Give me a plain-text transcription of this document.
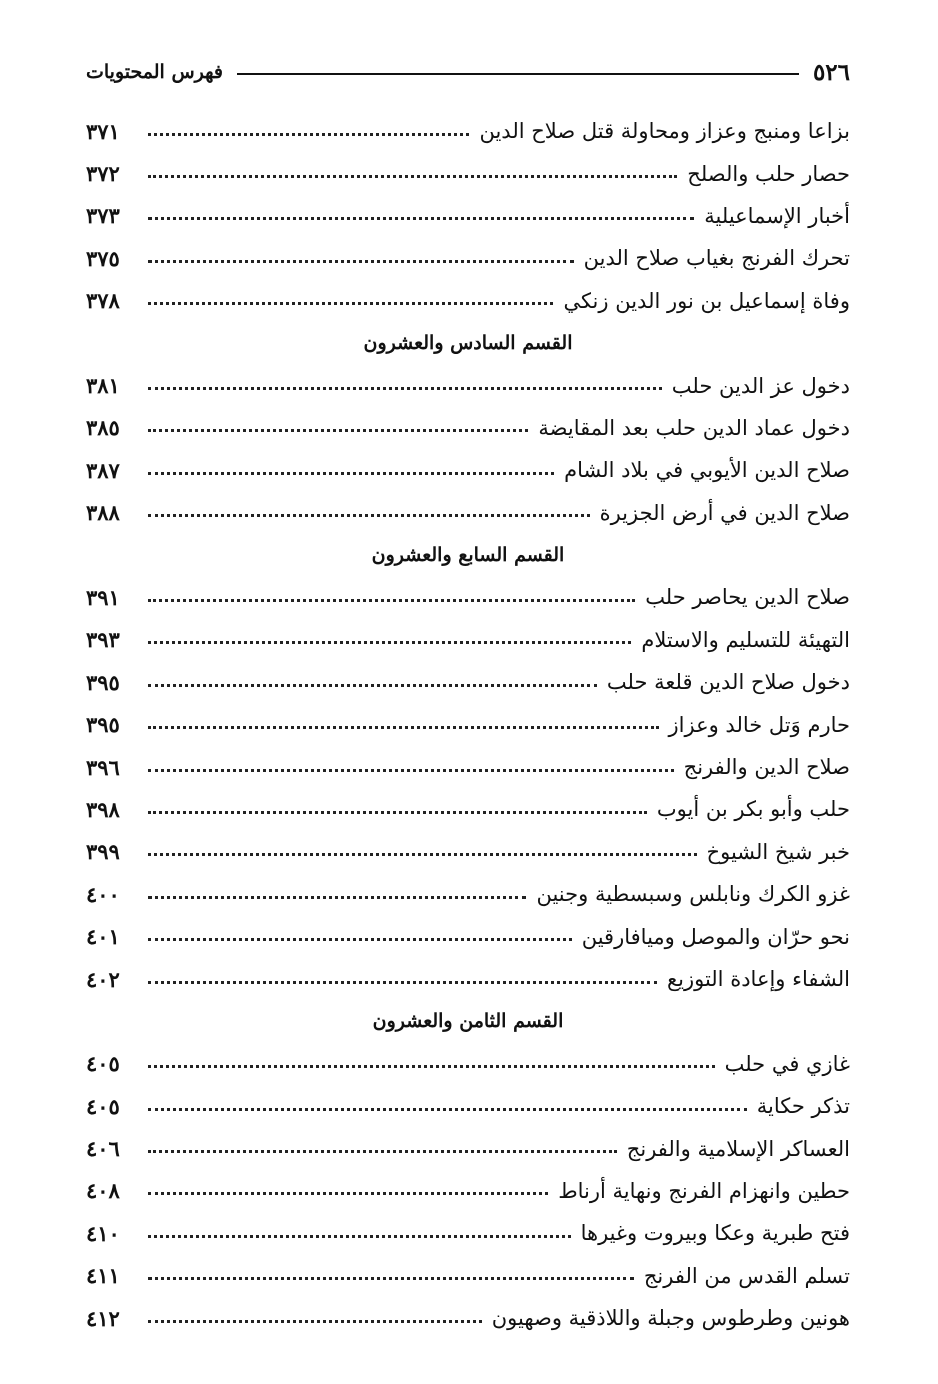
٥٢٦
فهرس المحتويات
بزاعا ومنبج وعزاز ومحاولة قتل صلاح الدين
٣٧١
حصار حلب والصلح
٣٧٢
أخبار الإسماعيلية
٣٧٣
تحرك الفرنج بغياب صلاح الدين
٣٧٥
وفاة إسماعيل بن نور الدين زنكي
٣٧٨
القسم السادس والعشرون
دخول عز الدين حلب
٣٨١
دخول عماد الدين حلب بعد المقايضة
٣٨٥
صلاح الدين الأيوبي في بلاد الشام
٣٨٧
صلاح الدين في أرض الجزيرة
٣٨٨
القسم السابع والعشرون
صلاح الدين يحاصر حلب
٣٩١
التهيئة للتسليم والاستلام
٣٩٣
دخول صلاح الدين قلعة حلب
٣٩٥
حارم وَتل خالد وعزاز
٣٩٥
صلاح الدين والفرنج
٣٩٦
حلب وأبو بكر بن أيوب
٣٩٨
خبر شيخ الشيوخ
٣٩٩
غزو الكرك ونابلس وسبسطية وجنين
٤٠٠
نحو حرّان والموصل وميافارقين
٤٠١
الشفاء وإعادة التوزيع
٤٠٢
القسم الثامن والعشرون
غازي في حلب
٤٠٥
تذكر حكاية
٤٠٥
العساكر الإسلامية والفرنج
٤٠٦
حطين وانهزام الفرنج ونهاية أرناط
٤٠٨
فتح طبرية وعكا وبيروت وغيرها
٤١٠
تسلم القدس من الفرنج
٤١١
هونين وطرطوس وجبلة واللاذقية وصهيون
٤١٢
